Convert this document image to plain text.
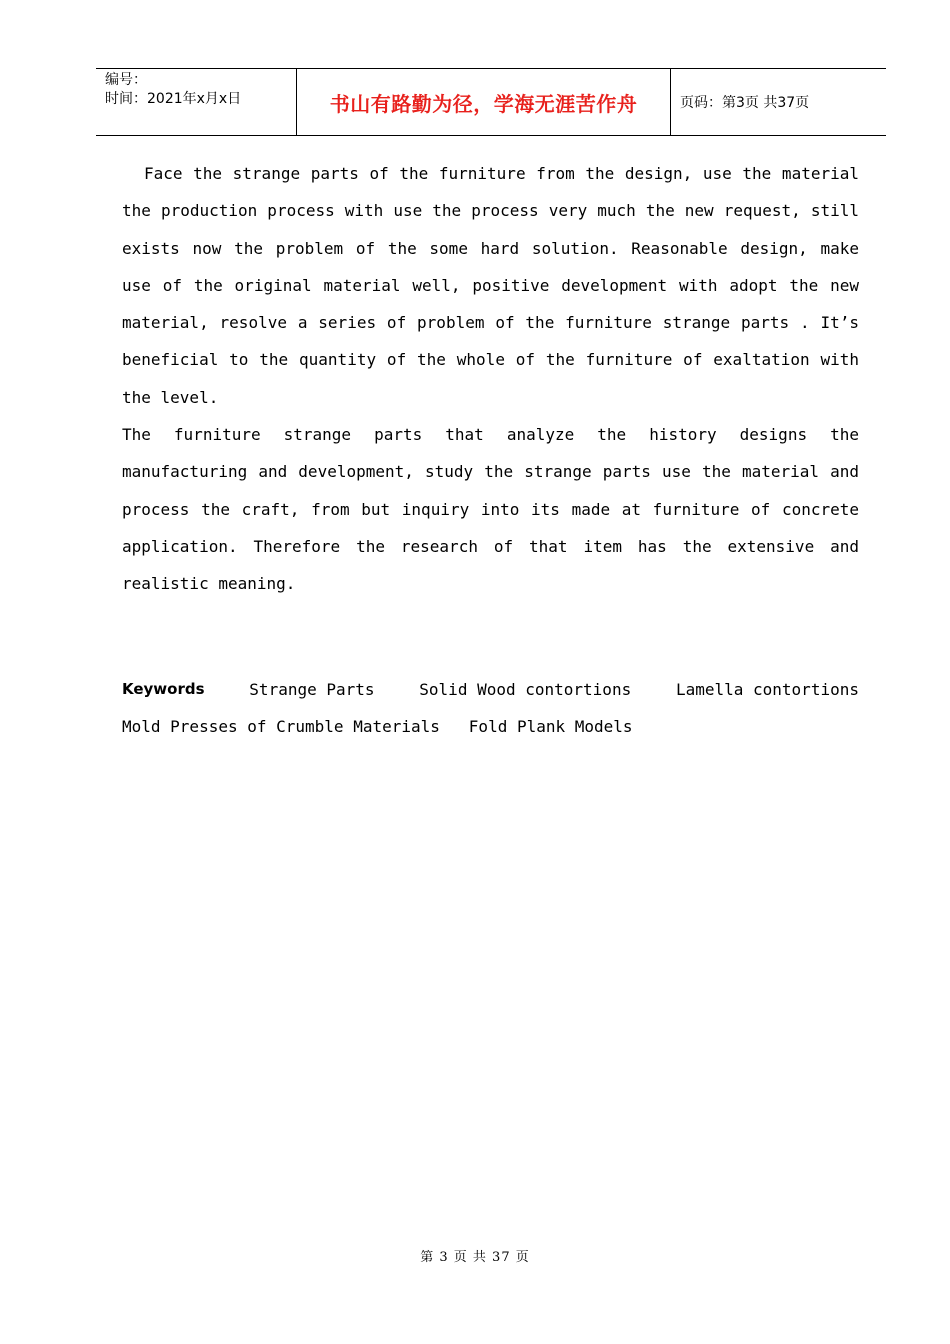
编号：
时间：2021年x月x日	书山有路勤为径，学海无涯苦作舟	页码：第3页 共37页

Face the strange parts of the furniture from the design, use the material the production process with use the process very much the new request, still exists now the problem of the some hard solution. Reasonable design, make use of the original material well, positive development with adopt the new material, resolve a series of problem of the furniture strange parts . It’s beneficial to the quantity of the whole of the furniture of exaltation with the level.

The furniture strange parts that analyze the history designs the manufacturing and development, study the strange parts use the material and process the craft, from but inquiry into its made at furniture of concrete application. Therefore the research of that item has the extensive and realistic meaning.

Keywords	Strange Parts	Solid Wood contortions	Lamella contortions
Mold Presses of Crumble Materials Fold Plank Models
第 3 页 共 37 页
